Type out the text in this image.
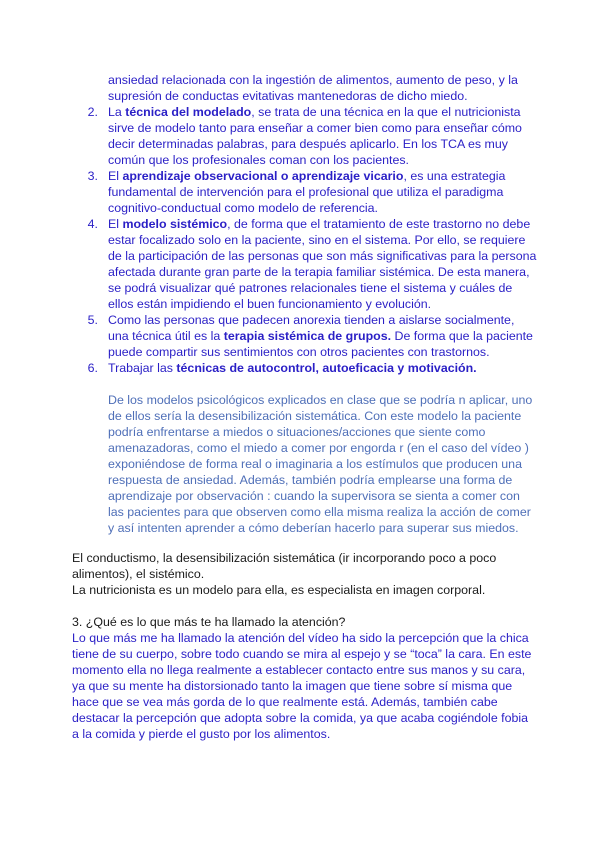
ansiedad relacionada con la ingestión de alimentos, aumento de peso, y la
supresión de conductas evitativas mantenedoras de dicho miedo.
2. La técnica del modelado, se trata de una técnica en la que el nutricionista
sirve de modelo tanto para enseñar a comer bien como para enseñar cómo
decir determinadas palabras, para después aplicarlo. En los TCA es muy
común que los profesionales coman con los pacientes.
3. El aprendizaje observacional o aprendizaje vicario, es una estrategia
fundamental de intervención para el profesional que utiliza el paradigma
cognitivo-conductual como modelo de referencia.
4. El modelo sistémico, de forma que el tratamiento de este trastorno no debe
estar focalizado solo en la paciente, sino en el sistema. Por ello, se requiere
de la participación de las personas que son más significativas para la persona
afectada durante gran parte de la terapia familiar sistémica. De esta manera,
se podrá visualizar qué patrones relacionales tiene el sistema y cuáles de
ellos están impidiendo el buen funcionamiento y evolución.
5. Como las personas que padecen anorexia tienden a aislarse socialmente,
una técnica útil es la terapia sistémica de grupos. De forma que la paciente
puede compartir sus sentimientos con otros pacientes con trastornos.
6. Trabajar las técnicas de autocontrol, autoeficacia y motivación.
De los modelos psicológicos explicados en clase que se podría n aplicar, uno
de ellos sería la desensibilización sistemática. Con este modelo la paciente
podría enfrentarse a miedos o situaciones/acciones que siente como
amenazadoras, como el miedo a comer por engorda r (en el caso del vídeo )
exponiéndose de forma real o imaginaria a los estímulos que producen una
respuesta de ansiedad. Además, también podría emplearse una forma de
aprendizaje por observación : cuando la supervisora se sienta a comer con
las pacientes para que observen como ella misma realiza la acción de comer
y así intenten aprender a cómo deberían hacerlo para superar sus miedos.
El conductismo, la desensibilización sistemática (ir incorporando poco a poco
alimentos), el sistémico.
La nutricionista es un modelo para ella, es especialista en imagen corporal.
3. ¿Qué es lo que más te ha llamado la atención?
Lo que más me ha llamado la atención del vídeo ha sido la percepción que la chica
tiene de su cuerpo, sobre todo cuando se mira al espejo y se “toca” la cara. En este
momento ella no llega realmente a establecer contacto entre sus manos y su cara,
ya que su mente ha distorsionado tanto la imagen que tiene sobre sí misma que
hace que se vea más gorda de lo que realmente está. Además, también cabe
destacar la percepción que adopta sobre la comida, ya que acaba cogiéndole fobia
a la comida y pierde el gusto por los alimentos.
